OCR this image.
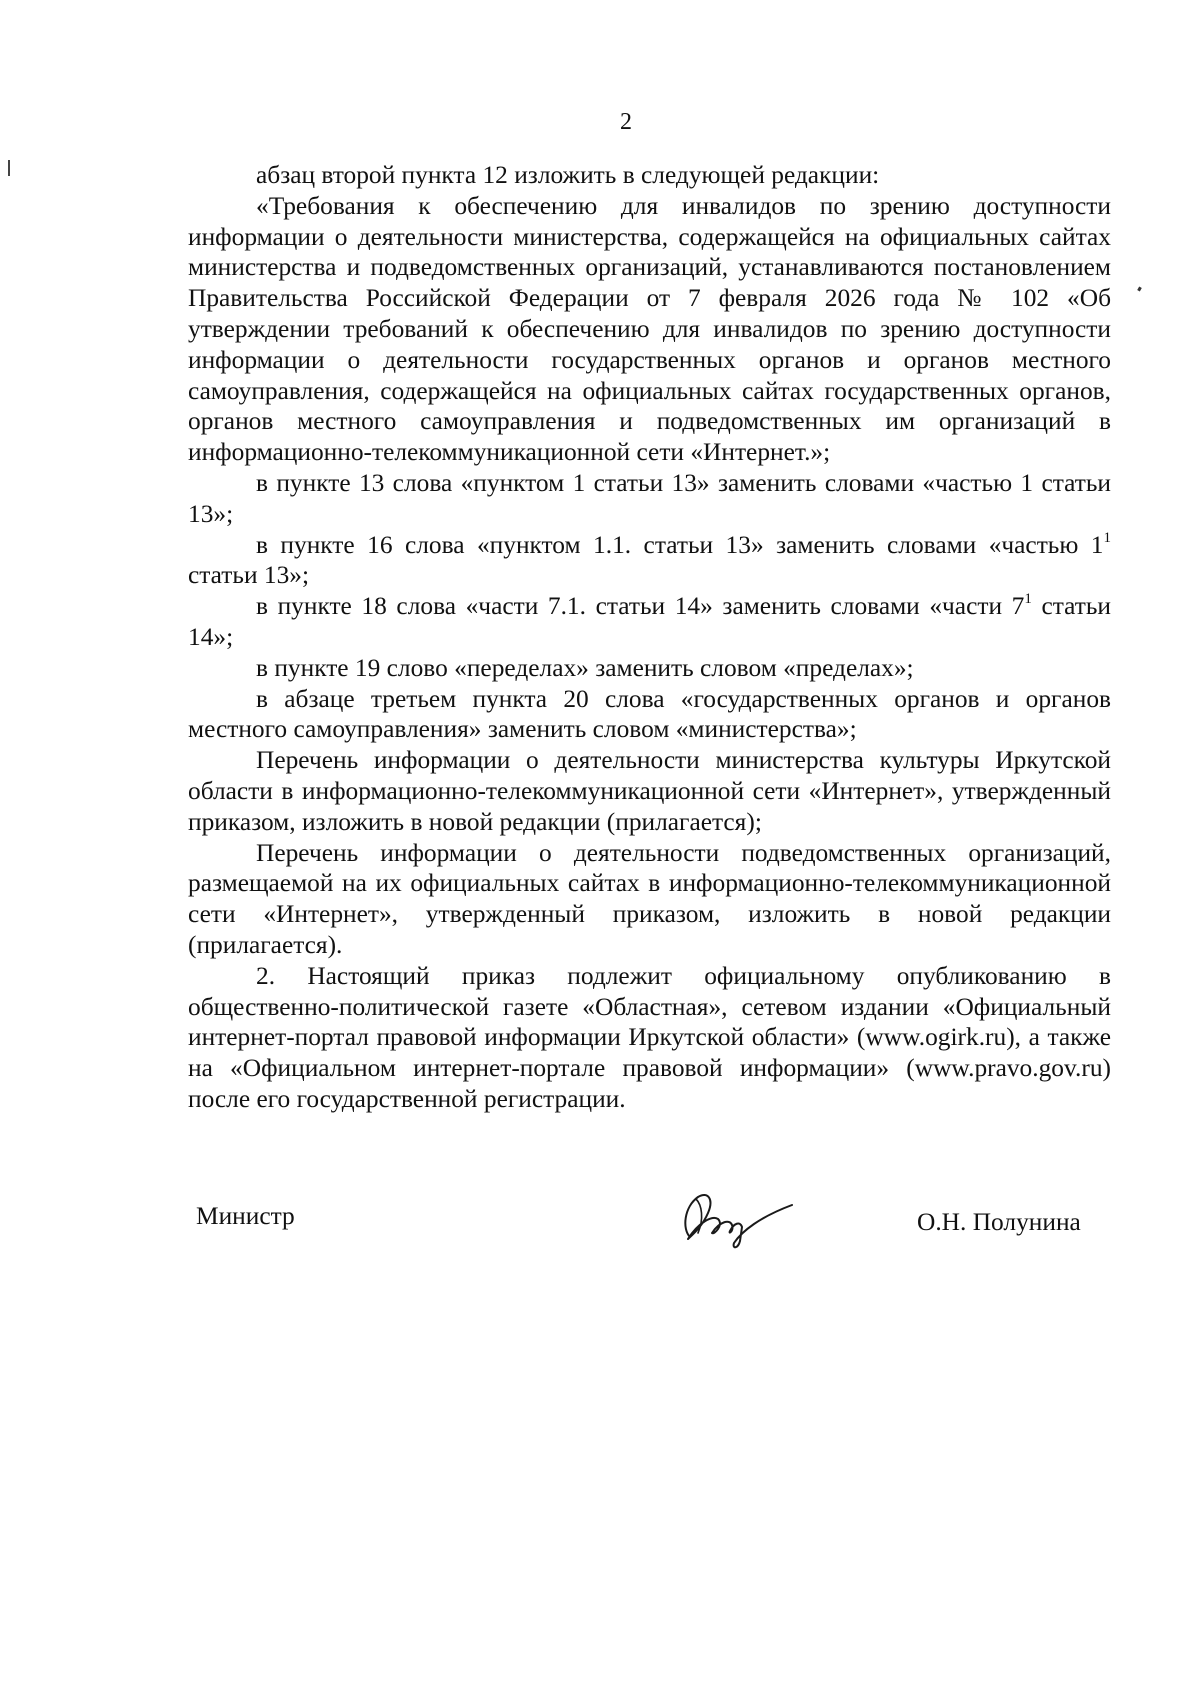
2

абзац второй пункта 12 изложить в следующей редакции:

«Требования к обеспечению для инвалидов по зрению доступности информации о деятельности министерства, содержащейся на официальных сайтах министерства и подведомственных организаций, устанавливаются постановлением Правительства Российской Федерации от 7 февраля 2026 года № 102 «Об утверждении требований к обеспечению для инвалидов по зрению доступности информации о деятельности государственных органов и органов местного самоуправления, содержащейся на официальных сайтах государственных органов, органов местного самоуправления и подведомственных им организаций в информационно-телекоммуникационной сети «Интернет.»;

в пункте 13 слова «пунктом 1 статьи 13» заменить словами «частью 1 статьи 13»;

в пункте 16 слова «пунктом 1.1. статьи 13» заменить словами «частью $1^1$ статьи 13»;

в пункте 18 слова «части 7.1. статьи 14» заменить словами «части $7^1$ статьи 14»;

в пункте 19 слово «переделах» заменить словом «пределах»;

в абзаце третьем пункта 20 слова «государственных органов и органов местного самоуправления» заменить словом «министерства»;

Перечень информации о деятельности министерства культуры Иркутской области в информационно-телекоммуникационной сети «Интернет», утвержденный приказом, изложить в новой редакции (прилагается);

Перечень информации о деятельности подведомственных организаций, размещаемой на их официальных сайтах в информационно-телекоммуникационной сети «Интернет», утвержденный приказом, изложить в новой редакции (прилагается).

2. Настоящий приказ подлежит официальному опубликованию в общественно-политической газете «Областная», сетевом издании «Официальный интернет-портал правовой информации Иркутской области» (www.ogirk.ru), а также на «Официальном интернет-портале правовой информации» (www.pravo.gov.ru) после его государственной регистрации.

Министр	О.Н. Полунина
